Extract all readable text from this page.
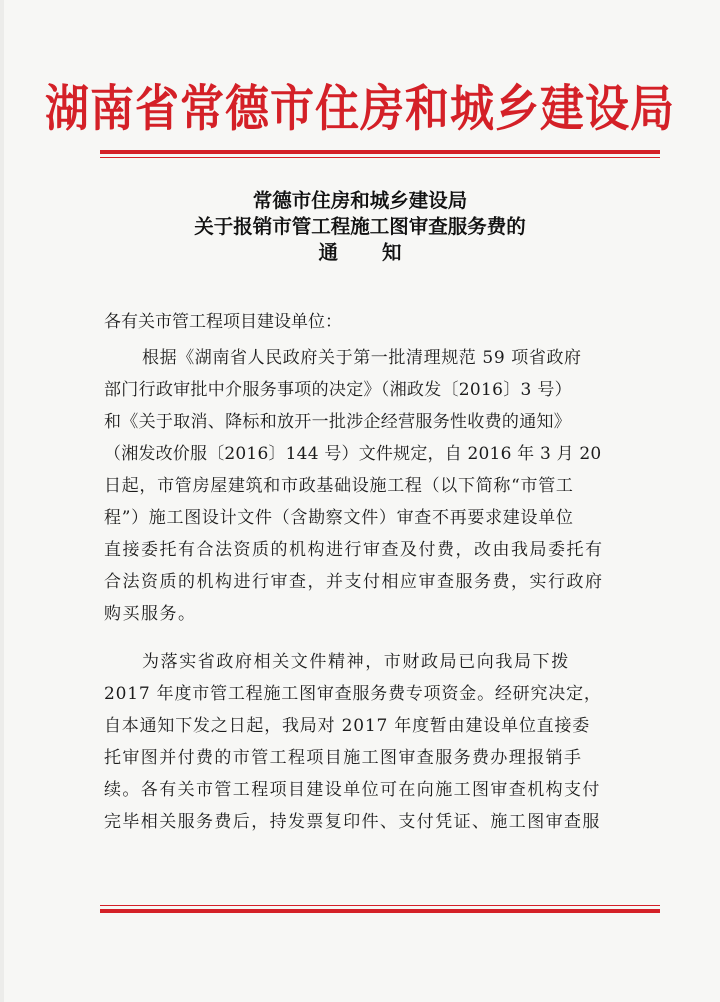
湖南省常德市住房和城乡建设局
常德市住房和城乡建设局
关于报销市管工程施工图审查服务费的
通 知
各有关市管工程项目建设单位：
根据《湖南省人民政府关于第一批清理规范 59 项省政府
部门行政审批中介服务事项的决定》（湘政发〔2016〕3 号）
和《关于取消、降标和放开一批涉企经营服务性收费的通知》
（湘发改价服〔2016〕144 号）文件规定，自 2016 年 3 月 20
日起，市管房屋建筑和市政基础设施工程（以下简称“市管工
程”）施工图设计文件（含勘察文件）审查不再要求建设单位
直接委托有合法资质的机构进行审查及付费，改由我局委托有
合法资质的机构进行审查，并支付相应审查服务费，实行政府
购买服务。
为落实省政府相关文件精神，市财政局已向我局下拨
2017 年度市管工程施工图审查服务费专项资金。经研究决定，
自本通知下发之日起，我局对 2017 年度暂由建设单位直接委
托审图并付费的市管工程项目施工图审查服务费办理报销手
续。各有关市管工程项目建设单位可在向施工图审查机构支付
完毕相关服务费后，持发票复印件、支付凭证、施工图审查服
